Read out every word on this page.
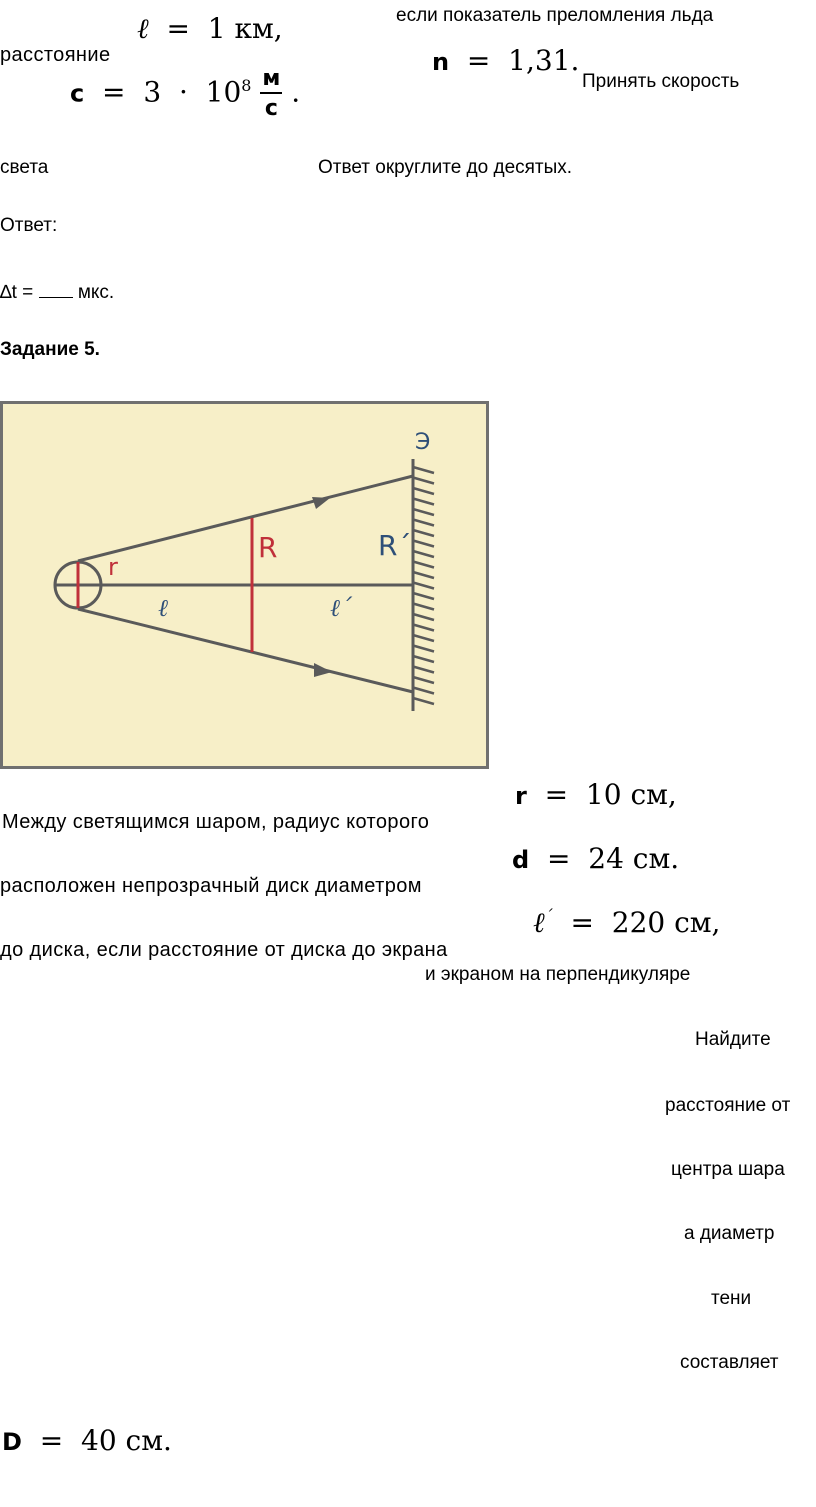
ℓ  =  1 км,	если показатель преломления льда
расстояние	n  =  1,31.
Принять скорость
$c = 3 \cdot 10^8 \frac{м}{с}$ .
света	Ответ округлите до десятых.
Ответ:
∆t = мкс.
Задание 5.
Э
r
R	R´
ℓ	ℓ´
r  =  10 см,
Между светящимся шаром, радиус которого
d  =  24 см.
расположен непрозрачный диск диаметром
ℓ´  =  220 см,
до диска, если расстояние от диска до экрана
и экраном на перпендикуляре
Найдите
расстояние от
центра шара
а диаметр
тени
составляет
D  =  40 см.
